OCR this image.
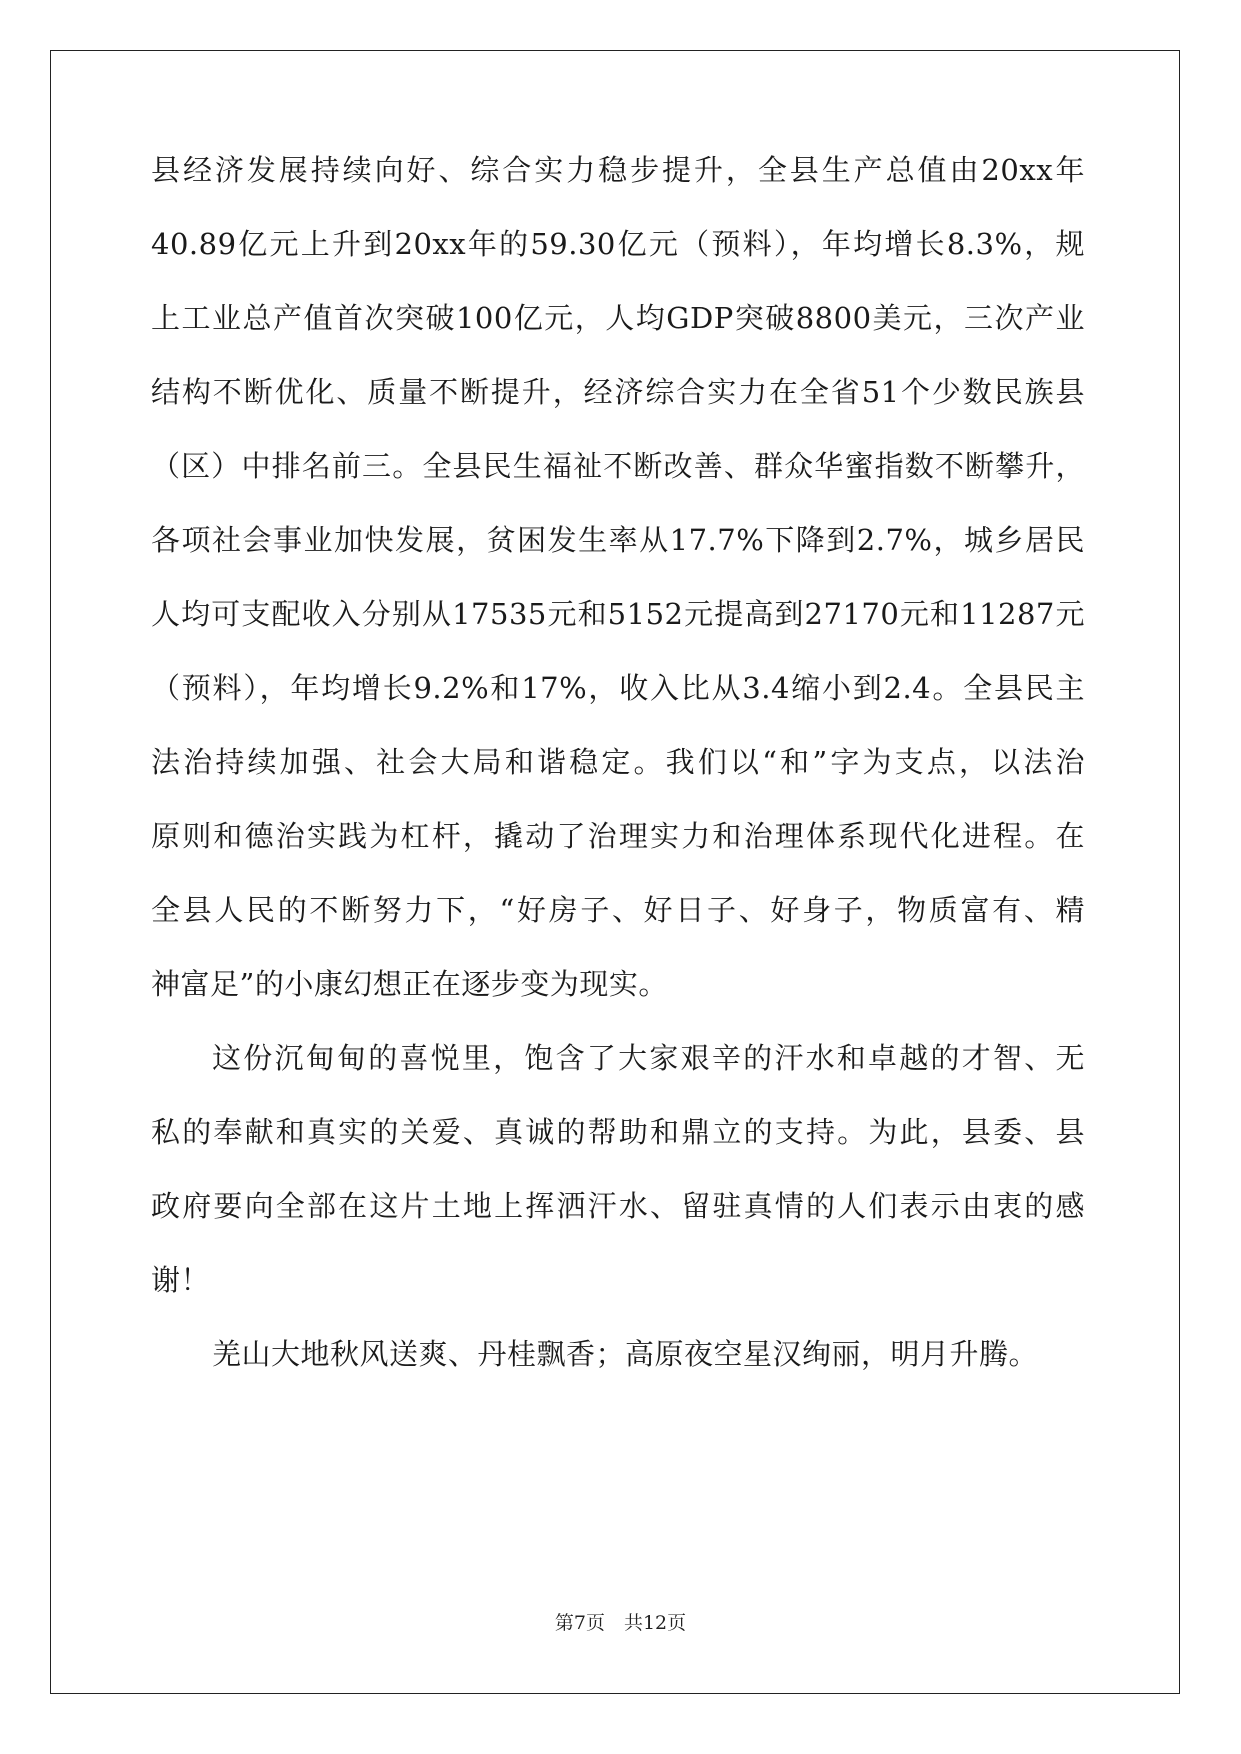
县经济发展持续向好、综合实力稳步提升，全县生产总值由20xx年
40.89亿元上升到20xx年的59.30亿元（预料），年均增长8.3%，规
上工业总产值首次突破100亿元，人均GDP突破8800美元，三次产业
结构不断优化、质量不断提升，经济综合实力在全省51个少数民族县
（区）中排名前三。全县民生福祉不断改善、群众华蜜指数不断攀升，
各项社会事业加快发展，贫困发生率从17.7%下降到2.7%，城乡居民
人均可支配收入分别从17535元和5152元提高到27170元和11287元
（预料），年均增长9.2%和17%，收入比从3.4缩小到2.4。全县民主
法治持续加强、社会大局和谐稳定。我们以“和”字为支点，以法治
原则和德治实践为杠杆，撬动了治理实力和治理体系现代化进程。在
全县人民的不断努力下，“好房子、好日子、好身子，物质富有、精
神富足”的小康幻想正在逐步变为现实。
这份沉甸甸的喜悦里，饱含了大家艰辛的汗水和卓越的才智、无
私的奉献和真实的关爱、真诚的帮助和鼎立的支持。为此，县委、县
政府要向全部在这片土地上挥洒汗水、留驻真情的人们表示由衷的感
谢！
羌山大地秋风送爽、丹桂飘香；高原夜空星汉绚丽，明月升腾。
第7页　共12页
